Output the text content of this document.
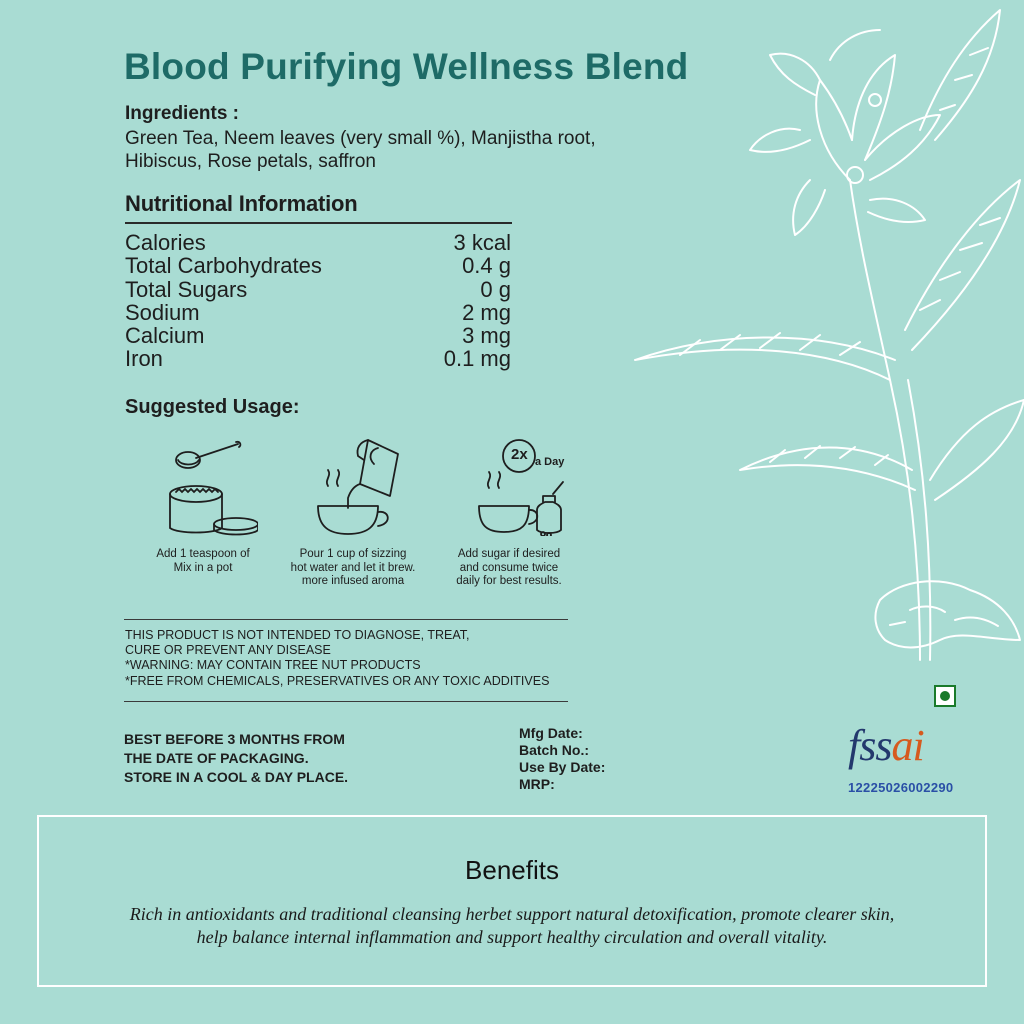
Blood Purifying Wellness Blend
Ingredients :
Green Tea, Neem leaves (very small %), Manjistha root, Hibiscus, Rose petals, saffron
Nutritional Information
Calories	3 kcal
Total Carbohydrates	0.4 g
Total Sugars	0 g
Sodium	2 mg
Calcium	3 mg
Iron	0.1 mg
Suggested Usage:
Add 1 teaspoon of
Mix in a pot
Pour 1 cup of sizzing
hot water and let it brew.
more infused aroma
2x a Day
Add sugar if desired
and consume twice
daily for best results.
THIS PRODUCT IS NOT INTENDED TO DIAGNOSE, TREAT,
CURE OR PREVENT ANY DISEASE
*WARNING: MAY CONTAIN TREE NUT PRODUCTS
*FREE FROM CHEMICALS, PRESERVATIVES OR ANY TOXIC ADDITIVES
BEST BEFORE 3 MONTHS FROM
THE DATE OF PACKAGING.
STORE IN A COOL & DAY PLACE.
Mfg Date:
Batch No.:
Use By Date:
MRP:
fssai
12225026002290
Benefits
Rich in antioxidants and traditional cleansing herbet support natural detoxification, promote clearer skin,
help balance internal inflammation and support healthy circulation and overall vitality.
